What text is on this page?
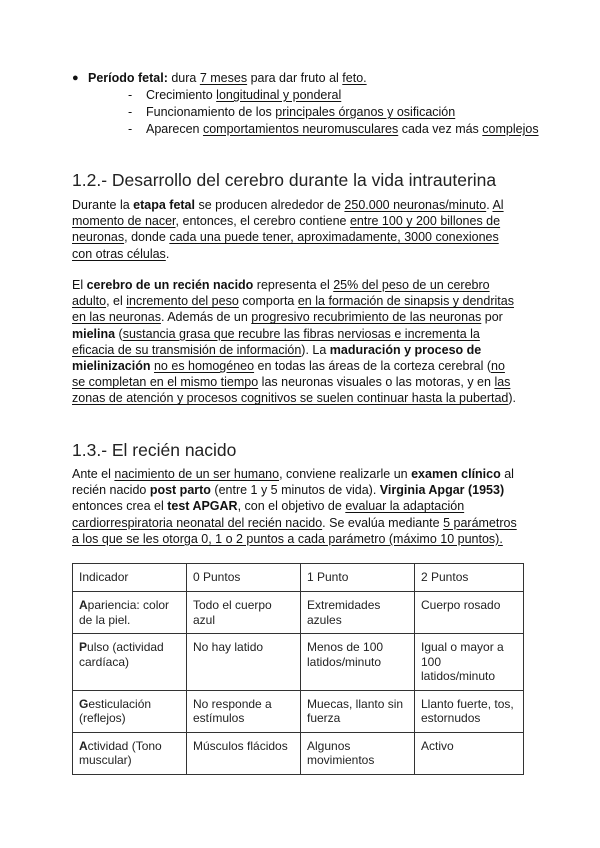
● Período fetal: dura 7 meses para dar fruto al feto.
- Crecimiento longitudinal y ponderal
- Funcionamiento de los principales órganos y osificación
- Aparecen comportamientos neuromusculares cada vez más complejos
1.2.- Desarrollo del cerebro durante la vida intrauterina

Durante la etapa fetal se producen alrededor de 250.000 neuronas/minuto. Al momento de nacer, entonces, el cerebro contiene entre 100 y 200 billones de neuronas, donde cada una puede tener, aproximadamente, 3000 conexiones con otras células.

El cerebro de un recién nacido representa el 25% del peso de un cerebro adulto, el incremento del peso comporta en la formación de sinapsis y dendritas en las neuronas. Además de un progresivo recubrimiento de las neuronas por mielina (sustancia grasa que recubre las fibras nerviosas e incrementa la eficacia de su transmisión de información). La maduración y proceso de mielinización no es homogéneo en todas las áreas de la corteza cerebral (no se completan en el mismo tiempo las neuronas visuales o las motoras, y en las zonas de atención y procesos cognitivos se suelen continuar hasta la pubertad).

1.3.- El recién nacido

Ante el nacimiento de un ser humano, conviene realizarle un examen clínico al recién nacido post parto (entre 1 y 5 minutos de vida). Virginia Apgar (1953) entonces crea el test APGAR, con el objetivo de evaluar la adaptación cardiorrespiratoria neonatal del recién nacido. Se evalúa mediante 5 parámetros a los que se les otorga 0, 1 o 2 puntos a cada parámetro (máximo 10 puntos).

Indicador	0 Puntos	1 Punto	2 Puntos
Apariencia: color de la piel.	Todo el cuerpo azul	Extremidades azules	Cuerpo rosado
Pulso (actividad cardíaca)	No hay latido	Menos de 100 latidos/minuto	Igual o mayor a 100 latidos/minuto
Gesticulación (reflejos)	No responde a estímulos	Muecas, llanto sin fuerza	Llanto fuerte, tos, estornudos
Actividad (Tono muscular)	Músculos flácidos	Algunos movimientos	Activo
